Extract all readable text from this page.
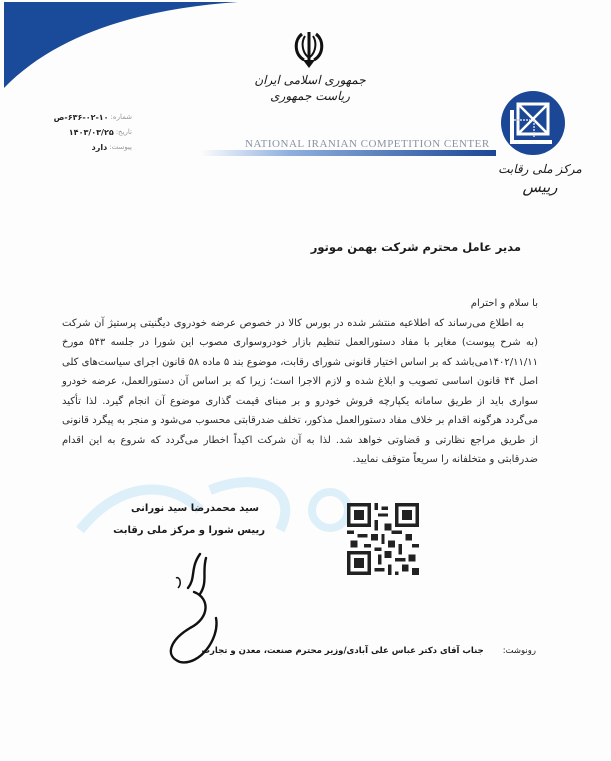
جمهوری اسلامی ایران
ریاست جمهوری
NATIONAL IRANIAN COMPETITION CENTER
مرکز ملی رقابت
رییس
شماره:
۶۳۶-۰۲-۱۰-ص
تاریخ:
۱۴۰۳/۰۳/۲۵
پیوست:
دارد
مدیر عامل محترم شرکت بهمن موتور
با سلام و احترام
به اطلاع می‌رساند که اطلاعیه منتشر شده در بورس کالا در خصوص عرضه خودروی دیگنیتی پرستیژ آن شرکت (به شرح پیوست) مغایر با مفاد دستورالعمل تنظیم بازار خودروسواری مصوب این شورا در جلسه ۵۴۳ مورخ ۱۴۰۲/۱۱/۱۱می‌باشد که بر اساس اختیار قانونی شورای رقابت، موضوع بند ۵ ماده ۵۸ قانون اجرای سیاست‌های کلی اصل ۴۴ قانون اساسی تصویب و ابلاغ شده و لازم الاجرا است؛ زیرا که بر اساس آن دستورالعمل، عرضه خودرو سواری باید از طریق سامانه یکپارچه فروش خودرو و بر مبنای قیمت گذاری موضوع آن انجام گیرد. لذا تأکید می‌گردد هرگونه اقدام بر خلاف مفاد دستورالعمل مذکور، تخلف ضدرقابتی محسوب می‌شود و منجر به پیگرد قانونی از طریق مراجع نظارتی و قضاوتی خواهد شد. لذا به آن شرکت اکیداً اخطار می‌گردد که شروع به این اقدام ضدرقابتی و متخلفانه را سریعاً متوقف نمایید.
سید محمدرضا سید نورانی
رییس شورا و مرکز ملی رقابت
رونوشت: جناب آقای دکتر عباس علی آبادی/وزیر محترم صنعت، معدن و تجارت
